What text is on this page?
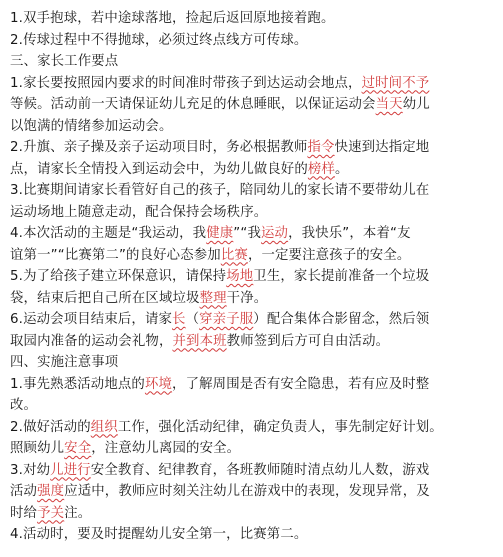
1.双手抱球，若中途球落地，捡起后返回原地接着跑。
2.传球过程中不得抛球，必须过终点线方可传球。
三、家长工作要点
1.家长要按照园内要求的时间准时带孩子到达运动会地点，过时间不予
等候。活动前一天请保证幼儿充足的休息睡眠，以保证运动会当天幼儿
以饱满的情绪参加运动会。
2.升旗、亲子操及亲子运动项目时，务必根据教师指令快速到达指定地
点，请家长全情投入到运动会中，为幼儿做良好的榜样。
3.比赛期间请家长看管好自己的孩子，陪同幼儿的家长请不要带幼儿在
运动场地上随意走动，配合保持会场秩序。
4.本次活动的主题是“我运动，我健康”“我运动，我快乐”，本着“友
谊第一”“比赛第二”的良好心态参加比赛，一定要注意孩子的安全。
5.为了给孩子建立环保意识，请保持场地卫生，家长提前准备一个垃圾
袋，结束后把自己所在区域垃圾整理干净。
6.运动会项目结束后，请家长（穿亲子服）配合集体合影留念，然后领
取园内准备的运动会礼物，并到本班教师签到后方可自由活动。
四、实施注意事项
1.事先熟悉活动地点的环境，了解周围是否有安全隐患，若有应及时整
改。
2.做好活动的组织工作，强化活动纪律，确定负责人，事先制定好计划。
照顾幼儿安全，注意幼儿离园的安全。
3.对幼儿进行安全教育、纪律教育，各班教师随时清点幼儿人数，游戏
活动强度应适中，教师应时刻关注幼儿在游戏中的表现，发现异常，及
时给予关注。
4.活动时，要及时提醒幼儿安全第一，比赛第二。
